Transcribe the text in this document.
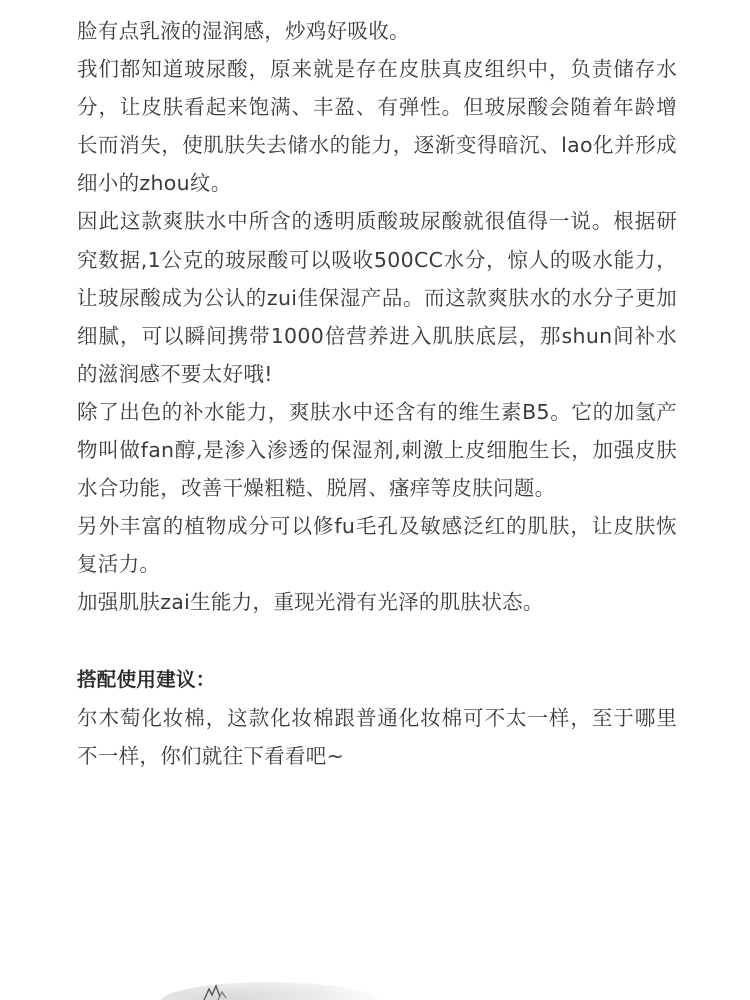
脸有点乳液的湿润感，炒鸡好吸收。

我们都知道玻尿酸，原来就是存在皮肤真皮组织中，负责储存水分，让皮肤看起来饱满、丰盈、有弹性。但玻尿酸会随着年龄增长而消失，使肌肤失去储水的能力，逐渐变得暗沉、lao化并形成细小的zhou纹。

因此这款爽肤水中所含的透明质酸玻尿酸就很值得一说。根据研究数据,1公克的玻尿酸可以吸收500CC水分，惊人的吸水能力，让玻尿酸成为公认的zui佳保湿产品。而这款爽肤水的水分子更加细腻，可以瞬间携带1000倍营养进入肌肤底层，那shun间补水的滋润感不要太好哦!

除了出色的补水能力，爽肤水中还含有的维生素B5。它的加氢产物叫做fan醇,是渗入渗透的保湿剂,刺激上皮细胞生长，加强皮肤水合功能，改善干燥粗糙、脱屑、瘙痒等皮肤问题。

另外丰富的植物成分可以修fu毛孔及敏感泛红的肌肤，让皮肤恢复活力。

加强肌肤zai生能力，重现光滑有光泽的肌肤状态。

搭配使用建议：

尔木萄化妆棉，这款化妆棉跟普通化妆棉可不太一样，至于哪里不一样，你们就往下看看吧~
